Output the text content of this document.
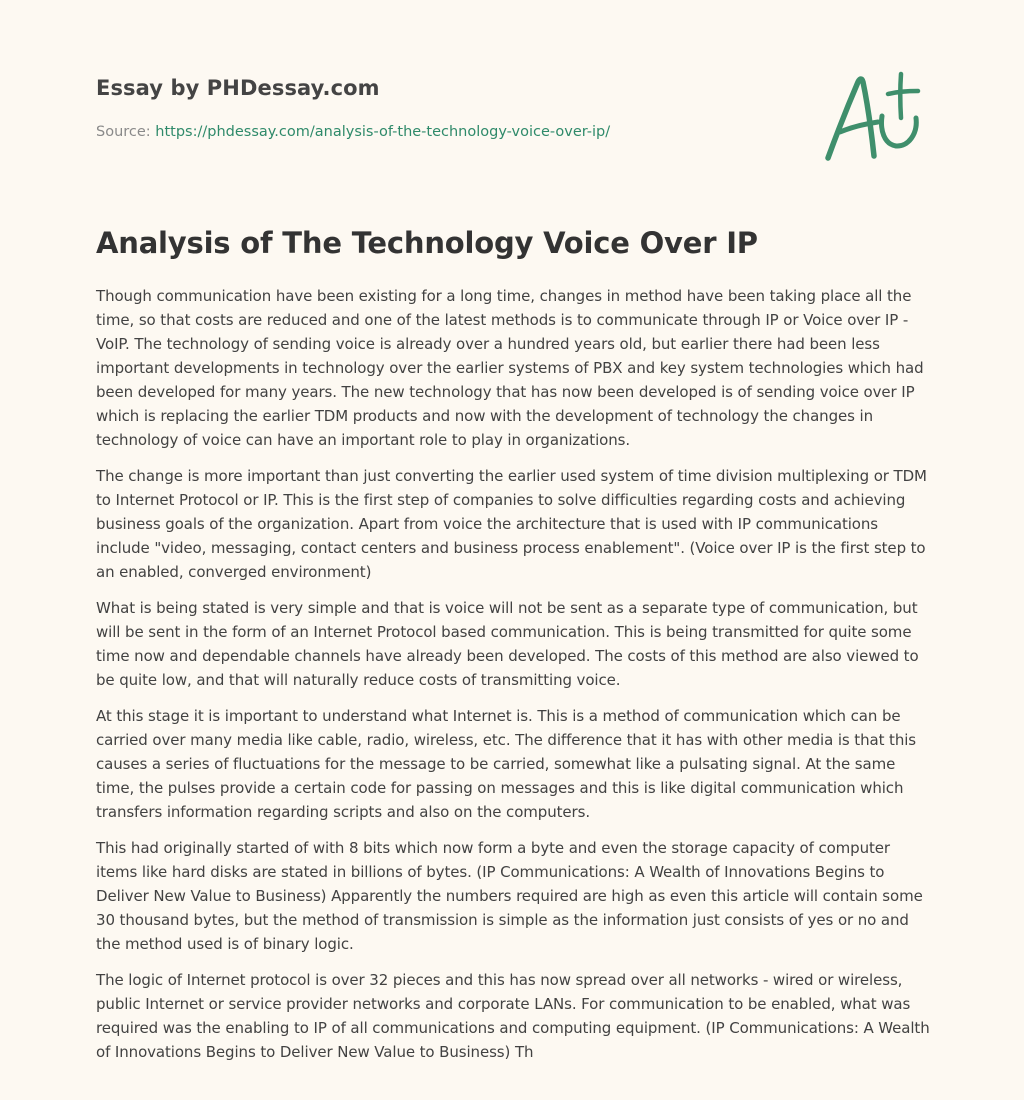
Essay by PHDessay.com
Source: https://phdessay.com/analysis-of-the-technology-voice-over-ip/
Analysis of The Technology Voice Over IP

Though communication have been existing for a long time, changes in method have been taking place all the time, so that costs are reduced and one of the latest methods is to communicate through IP or Voice over IP - VoIP. The technology of sending voice is already over a hundred years old, but earlier there had been less important developments in technology over the earlier systems of PBX and key system technologies which had been developed for many years. The new technology that has now been developed is of sending voice over IP which is replacing the earlier TDM products and now with the development of technology the changes in technology of voice can have an important role to play in organizations.

The change is more important than just converting the earlier used system of time division multiplexing or TDM to Internet Protocol or IP. This is the first step of companies to solve difficulties regarding costs and achieving business goals of the organization. Apart from voice the architecture that is used with IP communications include "video, messaging, contact centers and business process enablement". (Voice over IP is the first step to an enabled, converged environment)

What is being stated is very simple and that is voice will not be sent as a separate type of communication, but will be sent in the form of an Internet Protocol based communication. This is being transmitted for quite some time now and dependable channels have already been developed. The costs of this method are also viewed to be quite low, and that will naturally reduce costs of transmitting voice.

At this stage it is important to understand what Internet is. This is a method of communication which can be carried over many media like cable, radio, wireless, etc. The difference that it has with other media is that this causes a series of fluctuations for the message to be carried, somewhat like a pulsating signal. At the same time, the pulses provide a certain code for passing on messages and this is like digital communication which transfers information regarding scripts and also on the computers.

This had originally started of with 8 bits which now form a byte and even the storage capacity of computer items like hard disks are stated in billions of bytes. (IP Communications: A Wealth of Innovations Begins to Deliver New Value to Business) Apparently the numbers required are high as even this article will contain some 30 thousand bytes, but the method of transmission is simple as the information just consists of yes or no and the method used is of binary logic.

The logic of Internet protocol is over 32 pieces and this has now spread over all networks - wired or wireless, public Internet or service provider networks and corporate LANs. For communication to be enabled, what was required was the enabling to IP of all communications and computing equipment. (IP Communications: A Wealth of Innovations Begins to Deliver New Value to Business) Th
